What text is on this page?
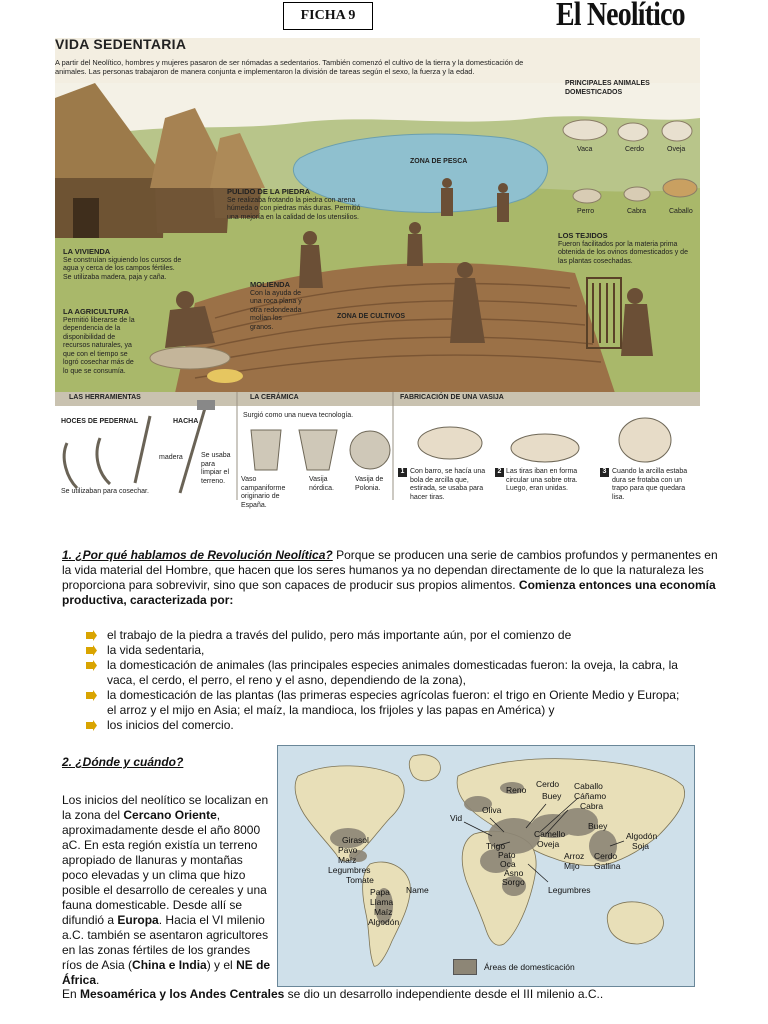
FICHA 9	El Neolítico
VIDA SEDENTARIA
A partir del Neolítico, hombres y mujeres pasaron de ser nómadas a sedentarios. También comenzó el cultivo de la tierra y la domesticación de animales. Las personas trabajaron de manera conjunta e implementaron la división de tareas según el sexo, la fuerza y la edad.
PRINCIPALES ANIMALES DOMESTICADOS
Vaca	Cerdo	Oveja
Perro	Cabra	Caballo
ZONA DE PESCA
PULIDO DE LA PIEDRA
Se realizaba frotando la piedra con arena húmeda o con piedras más duras. Permitió una mejoría en la calidad de los utensilios.
LA VIVIENDA
Se construían siguiendo los cursos de agua y cerca de los campos fértiles. Se utilizaba madera, paja y caña.
LOS TEJIDOS
Fueron facilitados por la materia prima obtenida de los ovinos domesticados y de las plantas cosechadas.
MOLIENDA
Con la ayuda de una roca plana y otra redondeada molían los granos.
LA AGRICULTURA
Permitió liberarse de la dependencia de la disponibilidad de recursos naturales, ya que con el tiempo se logró cosechar más de lo que se consumía.
ZONA DE CULTIVOS
LAS HERRAMIENTAS	LA CERÁMICA	FABRICACIÓN DE UNA VASIJA
HOCES DE PEDERNAL	HACHA
madera	Se usaba para limpiar el terreno.
Se utilizaban para cosechar.
Surgió como una nueva tecnología.
Vaso campaniforme originario de España.
Vasija nórdica.
Vasija de Polonia.
1 Con barro, se hacía una bola de arcilla que, estirada, se usaba para hacer tiras.
2 Las tiras iban en forma circular una sobre otra. Luego, eran unidas.
3 Cuando la arcilla estaba dura se frotaba con un trapo para que quedara lisa.
1. ¿Por qué hablamos de Revolución Neolítica? Porque se producen una serie de cambios profundos y permanentes en la vida material del Hombre, que hacen que los seres humanos ya no dependan directamente de lo que la naturaleza les proporciona para sobrevivir, sino que son capaces de producir sus propios alimentos. Comienza entonces una economía productiva, caracterizada por:
el trabajo de la piedra a través del pulido, pero más importante aún, por el comienzo de
la vida sedentaria,
la domesticación de animales (las principales especies animales domesticadas fueron: la oveja, la cabra, la vaca, el cerdo, el perro, el reno y el asno, dependiendo de la zona),
la domesticación de las plantas (las primeras especies agrícolas fueron: el trigo en Oriente Medio y Europa; el arroz y el mijo en Asia; el maíz, la mandioca, los frijoles y las papas en América) y
los inicios del comercio.
2. ¿Dónde y cuándo?
Los inicios del neolítico se localizan en la zona del Cercano Oriente, aproximadamente desde el año 8000 aC. En esta región existía un terreno apropiado de llanuras y montañas poco elevadas y un clima que hizo posible el desarrollo de cereales y una fauna domesticable. Desde allí se difundió a Europa. Hacia el VI milenio a.C. también se asentaron agricultores en las zonas fértiles de los grandes ríos de Asia (China e India) y el NE de África.
En Mesoamérica y los Andes Centrales se dio un desarrollo independiente desde el III milenio a.C..
Reno
Cerdo
Buey
Caballo
Cáñamo
Cabra
Oliva
Vid
Buey
Camello
Oveja
Algodón
Soja
Trigo
Pato
Oca
Asno
Sorgo
Arroz
Mijo
Cerdo
Gallina
Legumbres
Girasol
Pavo
Maíz
Legumbres
Tomate
Name
Papa
Llama
Maíz
Algodón
Áreas de domesticación
